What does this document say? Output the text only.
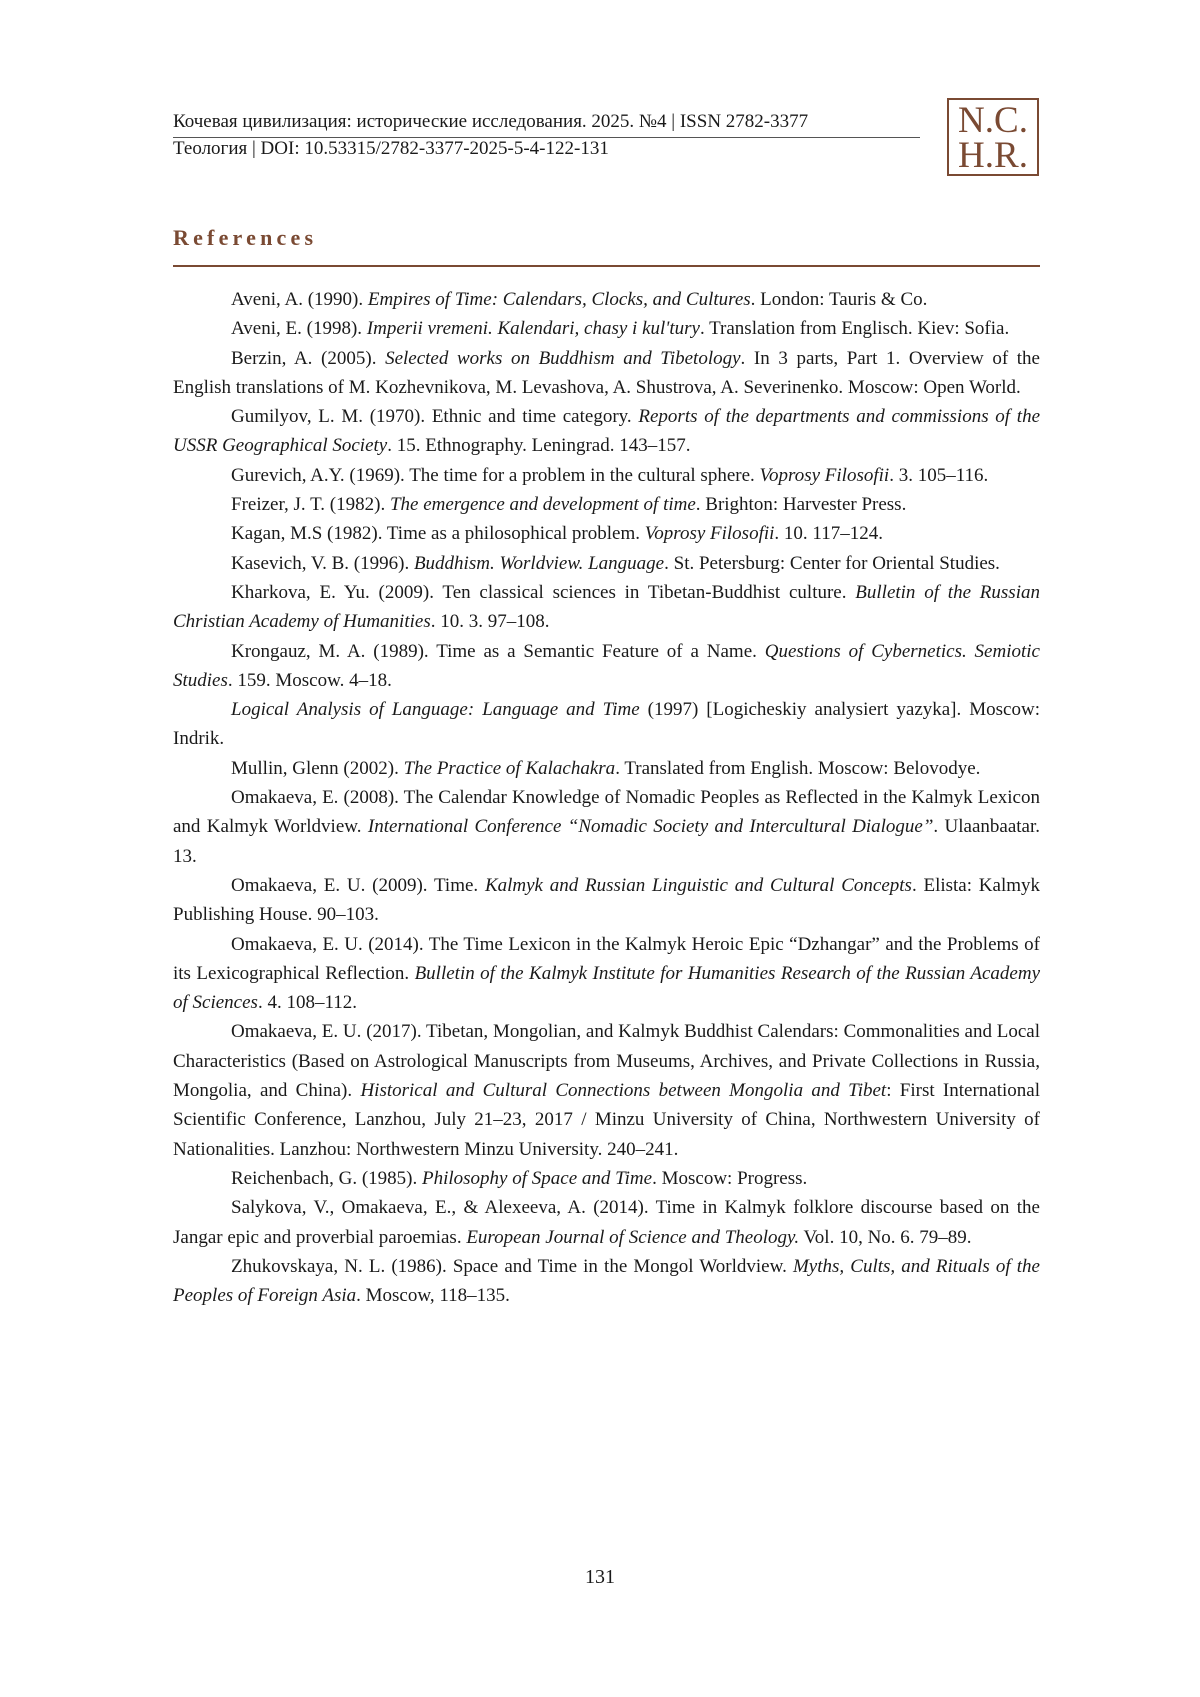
Кочевая цивилизация: исторические исследования. 2025. №4 | ISSN 2782-3377
Теология | DOI: 10.53315/2782-3377-2025-5-4-122-131
N.C.
H.R.
References

Aveni, A. (1990). Empires of Time: Calendars, Clocks, and Cultures. London: Tauris & Co.

Aveni, E. (1998). Imperii vremeni. Kalendari, chasy i kul'tury. Translation from Englisch. Kiev: Sofia.

Berzin, A. (2005). Selected works on Buddhism and Tibetology. In 3 parts, Part 1. Overview of the English translations of M. Kozhevnikova, M. Levashova, A. Shustrova, A. Severinenko. Moscow: Open World.

Gumilyov, L. M. (1970). Ethnic and time category. Reports of the departments and commissions of the USSR Geographical Society. 15. Ethnography. Leningrad. 143–157.

Gurevich, A.Y. (1969). The time for a problem in the cultural sphere. Voprosy Filosofii. 3. 105–116.

Freizer, J. T. (1982). The emergence and development of time. Brighton: Harvester Press.

Kagan, M.S (1982). Time as a philosophical problem. Voprosy Filosofii. 10. 117–124.

Kasevich, V. B. (1996). Buddhism. Worldview. Language. St. Petersburg: Center for Oriental Studies.

Kharkova, E. Yu. (2009). Ten classical sciences in Tibetan-Buddhist culture. Bulletin of the Russian Christian Academy of Humanities. 10. 3. 97–108.

Krongauz, M. A. (1989). Time as a Semantic Feature of a Name. Questions of Cybernetics. Semiotic Studies. 159. Moscow. 4–18.

Logical Analysis of Language: Language and Time (1997) [Logicheskiy analysiert yazyka]. Moscow: Indrik.

Mullin, Glenn (2002). The Practice of Kalachakra. Translated from English. Moscow: Belovodye.

Omakaeva, E. (2008). The Calendar Knowledge of Nomadic Peoples as Reflected in the Kalmyk Lexicon and Kalmyk Worldview. International Conference “Nomadic Society and Intercultural Dialogue”. Ulaanbaatar. 13.

Omakaeva, E. U. (2009). Time. Kalmyk and Russian Linguistic and Cultural Concepts. Elista: Kalmyk Publishing House. 90–103.

Omakaeva, E. U. (2014). The Time Lexicon in the Kalmyk Heroic Epic “Dzhangar” and the Problems of its Lexicographical Reflection. Bulletin of the Kalmyk Institute for Humanities Research of the Russian Academy of Sciences. 4. 108–112.

Omakaeva, E. U. (2017). Tibetan, Mongolian, and Kalmyk Buddhist Calendars: Commonalities and Local Characteristics (Based on Astrological Manuscripts from Museums, Archives, and Private Collections in Russia, Mongolia, and China). Historical and Cultural Connections between Mongolia and Tibet: First International Scientific Conference, Lanzhou, July 21–23, 2017 / Minzu University of China, Northwestern University of Nationalities. Lanzhou: Northwestern Minzu University. 240–241.

Reichenbach, G. (1985). Philosophy of Space and Time. Moscow: Progress.

Salykova, V., Omakaeva, E., & Alexeeva, A. (2014). Time in Kalmyk folklore discourse based on the Jangar epic and proverbial paroemias. European Journal of Science and Theology. Vol. 10, No. 6. 79–89.

Zhukovskaya, N. L. (1986). Space and Time in the Mongol Worldview. Myths, Cults, and Rituals of the Peoples of Foreign Asia. Moscow, 118–135.

131
